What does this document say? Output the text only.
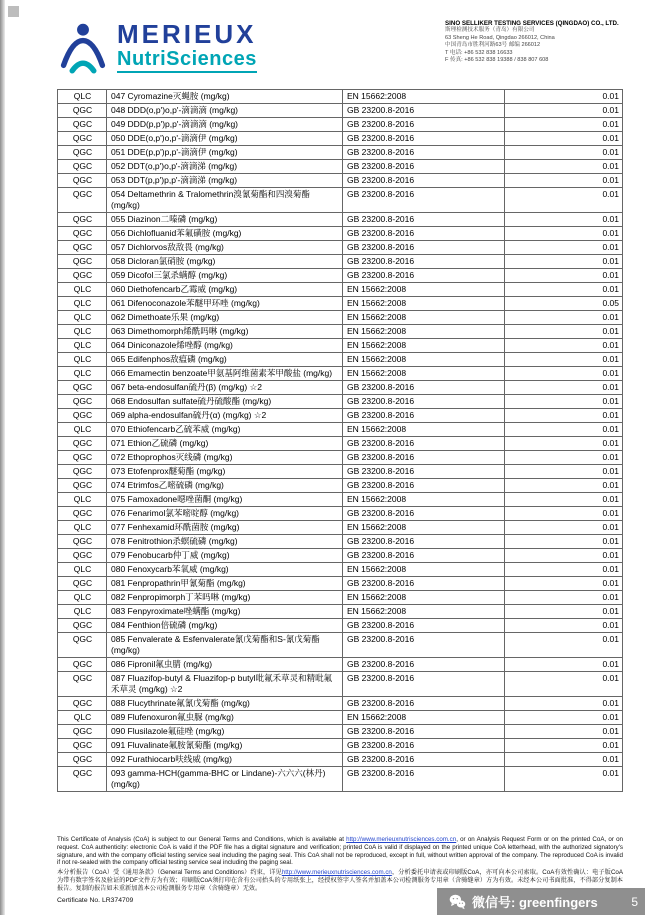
MERIEUX
NutriSciences
SINO SELLIKER TESTING SERVICES (QINGDAO) CO., LTD.
斯理检测技术服务（青岛）有限公司
63 Sheng He Road, Qingdao 266012, China
中国青岛市胜利河路63号 邮编 266012
T 电话: +86 532 838 16633
F 传真: +86 532 838 19388 / 838 807 608
QLC	047 Cyromazine灭蝇胺 (mg/kg)	EN 15662:2008	0.01
QGC	048 DDD(o,p')o,p'-滴滴滴 (mg/kg)	GB 23200.8-2016	0.01
QGC	049 DDD(p,p')p,p'-滴滴滴 (mg/kg)	GB 23200.8-2016	0.01
QGC	050 DDE(o,p')o,p'-滴滴伊 (mg/kg)	GB 23200.8-2016	0.01
QGC	051 DDE(p,p')p,p'-滴滴伊 (mg/kg)	GB 23200.8-2016	0.01
QGC	052 DDT(o,p')o,p'-滴滴涕 (mg/kg)	GB 23200.8-2016	0.01
QGC	053 DDT(p,p')p,p'-滴滴涕 (mg/kg)	GB 23200.8-2016	0.01
QGC	054 Deltamethrin & Tralomethrin溴氰菊酯和四溴菊酯 (mg/kg)	GB 23200.8-2016	0.01
QGC	055 Diazinon二嗪磷 (mg/kg)	GB 23200.8-2016	0.01
QGC	056 Dichlofluanid苯氟磺胺 (mg/kg)	GB 23200.8-2016	0.01
QGC	057 Dichlorvos敌敌畏 (mg/kg)	GB 23200.8-2016	0.01
QGC	058 Dicloran氯硝胺 (mg/kg)	GB 23200.8-2016	0.01
QGC	059 Dicofol三氯杀螨醇 (mg/kg)	GB 23200.8-2016	0.01
QLC	060 Diethofencarb乙霉威 (mg/kg)	EN 15662:2008	0.01
QLC	061 Difenoconazole苯醚甲环唑 (mg/kg)	EN 15662:2008	0.05
QLC	062 Dimethoate乐果 (mg/kg)	EN 15662:2008	0.01
QLC	063 Dimethomorph烯酰吗啉 (mg/kg)	EN 15662:2008	0.01
QLC	064 Diniconazole烯唑醇 (mg/kg)	EN 15662:2008	0.01
QLC	065 Edifenphos敌瘟磷 (mg/kg)	EN 15662:2008	0.01
QLC	066 Emamectin benzoate甲氨基阿维菌素苯甲酸盐 (mg/kg)	EN 15662:2008	0.01
QGC	067 beta-endosulfan硫丹(β) (mg/kg) ☆2	GB 23200.8-2016	0.01
QGC	068 Endosulfan sulfate硫丹硫酸酯 (mg/kg)	GB 23200.8-2016	0.01
QGC	069 alpha-endosulfan硫丹(α) (mg/kg) ☆2	GB 23200.8-2016	0.01
QLC	070 Ethiofencarb乙硫苯威 (mg/kg)	EN 15662:2008	0.01
QGC	071 Ethion乙硫磷 (mg/kg)	GB 23200.8-2016	0.01
QGC	072 Ethoprophos灭线磷 (mg/kg)	GB 23200.8-2016	0.01
QGC	073 Etofenprox醚菊酯 (mg/kg)	GB 23200.8-2016	0.01
QGC	074 Etrimfos乙嘧硫磷 (mg/kg)	GB 23200.8-2016	0.01
QLC	075 Famoxadone噁唑菌酮 (mg/kg)	EN 15662:2008	0.01
QGC	076 Fenarimol氯苯嘧啶醇 (mg/kg)	GB 23200.8-2016	0.01
QLC	077 Fenhexamid环酰菌胺 (mg/kg)	EN 15662:2008	0.01
QGC	078 Fenitrothion杀螟硫磷 (mg/kg)	GB 23200.8-2016	0.01
QGC	079 Fenobucarb仲丁威 (mg/kg)	GB 23200.8-2016	0.01
QLC	080 Fenoxycarb苯氧威 (mg/kg)	EN 15662:2008	0.01
QGC	081 Fenpropathrin甲氰菊酯 (mg/kg)	GB 23200.8-2016	0.01
QLC	082 Fenpropimorph丁苯吗啉 (mg/kg)	EN 15662:2008	0.01
QLC	083 Fenpyroximate唑螨酯 (mg/kg)	EN 15662:2008	0.01
QGC	084 Fenthion倍硫磷 (mg/kg)	GB 23200.8-2016	0.01
QGC	085 Fenvalerate & Esfenvalerate氰戊菊酯和S-氰戊菊酯 (mg/kg)	GB 23200.8-2016	0.01
QGC	086 Fipronil氟虫腈 (mg/kg)	GB 23200.8-2016	0.01
QGC	087 Fluazifop-butyl & Fluazifop-p butyl吡氟禾草灵和精吡氟禾草灵 (mg/kg) ☆2	GB 23200.8-2016	0.01
QGC	088 Flucythrinate氟氰戊菊酯 (mg/kg)	GB 23200.8-2016	0.01
QLC	089 Flufenoxuron氟虫脲 (mg/kg)	EN 15662:2008	0.01
QGC	090 Flusilazole氟硅唑 (mg/kg)	GB 23200.8-2016	0.01
QGC	091 Fluvalinate氟胺氰菊酯 (mg/kg)	GB 23200.8-2016	0.01
QGC	092 Furathiocarb呋线威 (mg/kg)	GB 23200.8-2016	0.01
QGC	093 gamma-HCH(gamma-BHC or Lindane)-六六六(林丹) (mg/kg)	GB 23200.8-2016	0.01

This Certificate of Analysis (CoA) is subject to our General Terms and Conditions, which is available at http://www.merieuxnutrisciences.com.cn, or on Analysis Request Form or on the printed CoA, or on request. CoA authenticity: electronic CoA is valid if the PDF file has a digital signature and verification; printed CoA is valid if displayed on the printed unique CoA letterhead, with the authorized signatory's signature, and with the company official testing service seal including the paging seal. This CoA shall not be reproduced, except in full, without written approval of the company. The reproduced CoA is invalid if not re-sealed with the company official testing service seal including the paging seal.

本分析报告（CoA）受《通用条款》（General Terms and Conditions）约束，详见http://www.merieuxnutrisciences.com.cn，分析委托申请表或印刷版CoA，亦可向本公司索取。CoA有效性确认：电子版CoA为带有数字签名及验证的PDF文件方为有效；印刷版CoA须打印在含有公司抬头的专用纸张上，经授权签字人签名并加盖本公司检测服务专用章（含骑缝章）方为有效。未经本公司书面批准，不得部分复制本报告。复制的报告如未重新加盖本公司检测服务专用章（含骑缝章）无效。

Certificate No. LR374709	微信号: greenfingers	5
